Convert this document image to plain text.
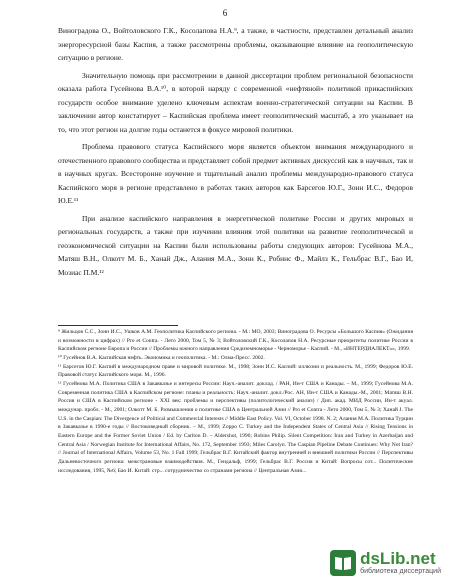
6

Виноградова О., Войтоловского Г.К., Косолапова Н.А.⁹, а также, в частности, представлен детальный анализ энергоресурсной базы Каспия, а также рассмотрены проблемы, оказывающие влияние на геополитическую ситуацию в регионе.

Значительную помощь при рассмотрении в данной диссертации проблем региональной безопасности оказала работа Гусейнова В.А.¹⁰, в которой наряду с современной «нефтяной» политикой прикаспийских государств особое внимание уделено ключевым аспектам военно-стратегической ситуации на Каспии. В заключении автор констатирует – Каспийская проблема имеет геополитический масштаб, а это указывает на то, что этот регион на долгие годы останется в фокусе мировой политики.

Проблема правового статуса Каспийского моря является объектом внимания международного и отечественного правового сообщества и представляет собой предмет активных дискуссий как в научных, так и в научных кругах. Всесторонне изучение и тщательный анализ проблемы международно-правового статуса Каспийского моря в регионе представлено в работах таких авторов как Барсегов Ю.Г., Зонн И.С., Федоров Ю.Е.¹¹

При анализе каспийского направления в энергетической политике России и других мировых и региональных государств, а также при изучении влияния этой политики на развитие геополитической и геоэкономической ситуации на Каспии были использованы работы следующих авторов: Гусейнова М.А., Матяш В.Н., Олкотт М. Б., Ханай Дж., Алания М.А., Зонн К., Робинс Ф., Майлз К., Гельбрас В.Г., Бао И, Мозиас П.М.¹²

⁹ Жильцов С.С., Зонн И.С., Ушков А.М. Геополитика Каспийского региона. - М.: МО, 2003; Виноградова О. Ресурсы «Большого Каспия» (Ожидания и возможности в цифрах) // Pro et Contra. - Лето 2000, Том 5, № 3; Войтоловский Г.К., Косолапов Н.А. Ресурсные приоритеты политике России в Каспийском регионе Европа и России // Проблемы южного направления Средиземноморье - Черноморье - Каспий. - М., «ИНТЕРДИАЛЕКТ»», 1999.

¹⁰ Гусейнов В.А. Каспийская нефть. Экономика и геополитика. - М.: Олма-Пресс. 2002.

¹¹ Барсегов Ю.Г. Каспий в международном праве и мировой политике. М., 1998; Зонн И.С. Каспий: иллюзии и реальность. М., 1999; Федоров Ю.Е. Правовой статус Каспийского моря. М., 1996.

¹² Гусейнова М.А. Политика США в Закавказье и интересы России: Науч.-аналит. доклад. / РАН, Ин-т США и Канады. – М., 1999; Гусейнова М.А. Современная политика США в Каспийском регионе: планы и реальность: Науч.-аналит. докл./Рос. АН, Ин-т США и Канады.-М., 2001; Матяш В.Н. Россия и США в Каспийском регионе - XXI век: проблемы и перспективы (политологический анализ) / Дип. акад. МИД России, Ин-т акуал. междунар. пробл. - М., 2001; Олкотт М. Б. Размышления о политике США в Центральной Азии // Pro et Contra - Лето 2000, Том 5, № 3; Ханай J. The U.S. in the Caspian: The Divergence of Political and Commercial Interests // Middle East Policy. Vol. VI, October 1998. N. 2; Алания М.А. Политика Турции в Закавказье в 1990-е годы // Востоковедный сборник. – М., 1999; Zoppo C. Turkey and the Independent States of Central Asia // Rising Tensions in Eastern Europe and the Former Soviet Union / Ed. by Carlton D. – Aldershot, 1996; Robins Philip. Silent Competition: Iran and Turkey in Azerbaijan and Central Asia / Norwegian Institute for International Affairs, No. 172, September 1993; Miles Carolyn. The Caspian Pipeline Debate Continues: Why Not Iran? // Journal of International Affairs, Volume 53, No. 1 Fall 1999; Гельбрас В.Г. Китайский фактор внутренней и внешней политики России // Перспективы Дальневосточного региона: межстрановые взаимодействия. М., Гендальф, 1999; Гельбрас В.Г. Россия и Китай: Вопросы сот... Политические исследования, 1995, №6; Бао И. Китай: стр... сотрудничество со странами региона // Центральная Азия...

dsLib.net
библиотека диссертаций
